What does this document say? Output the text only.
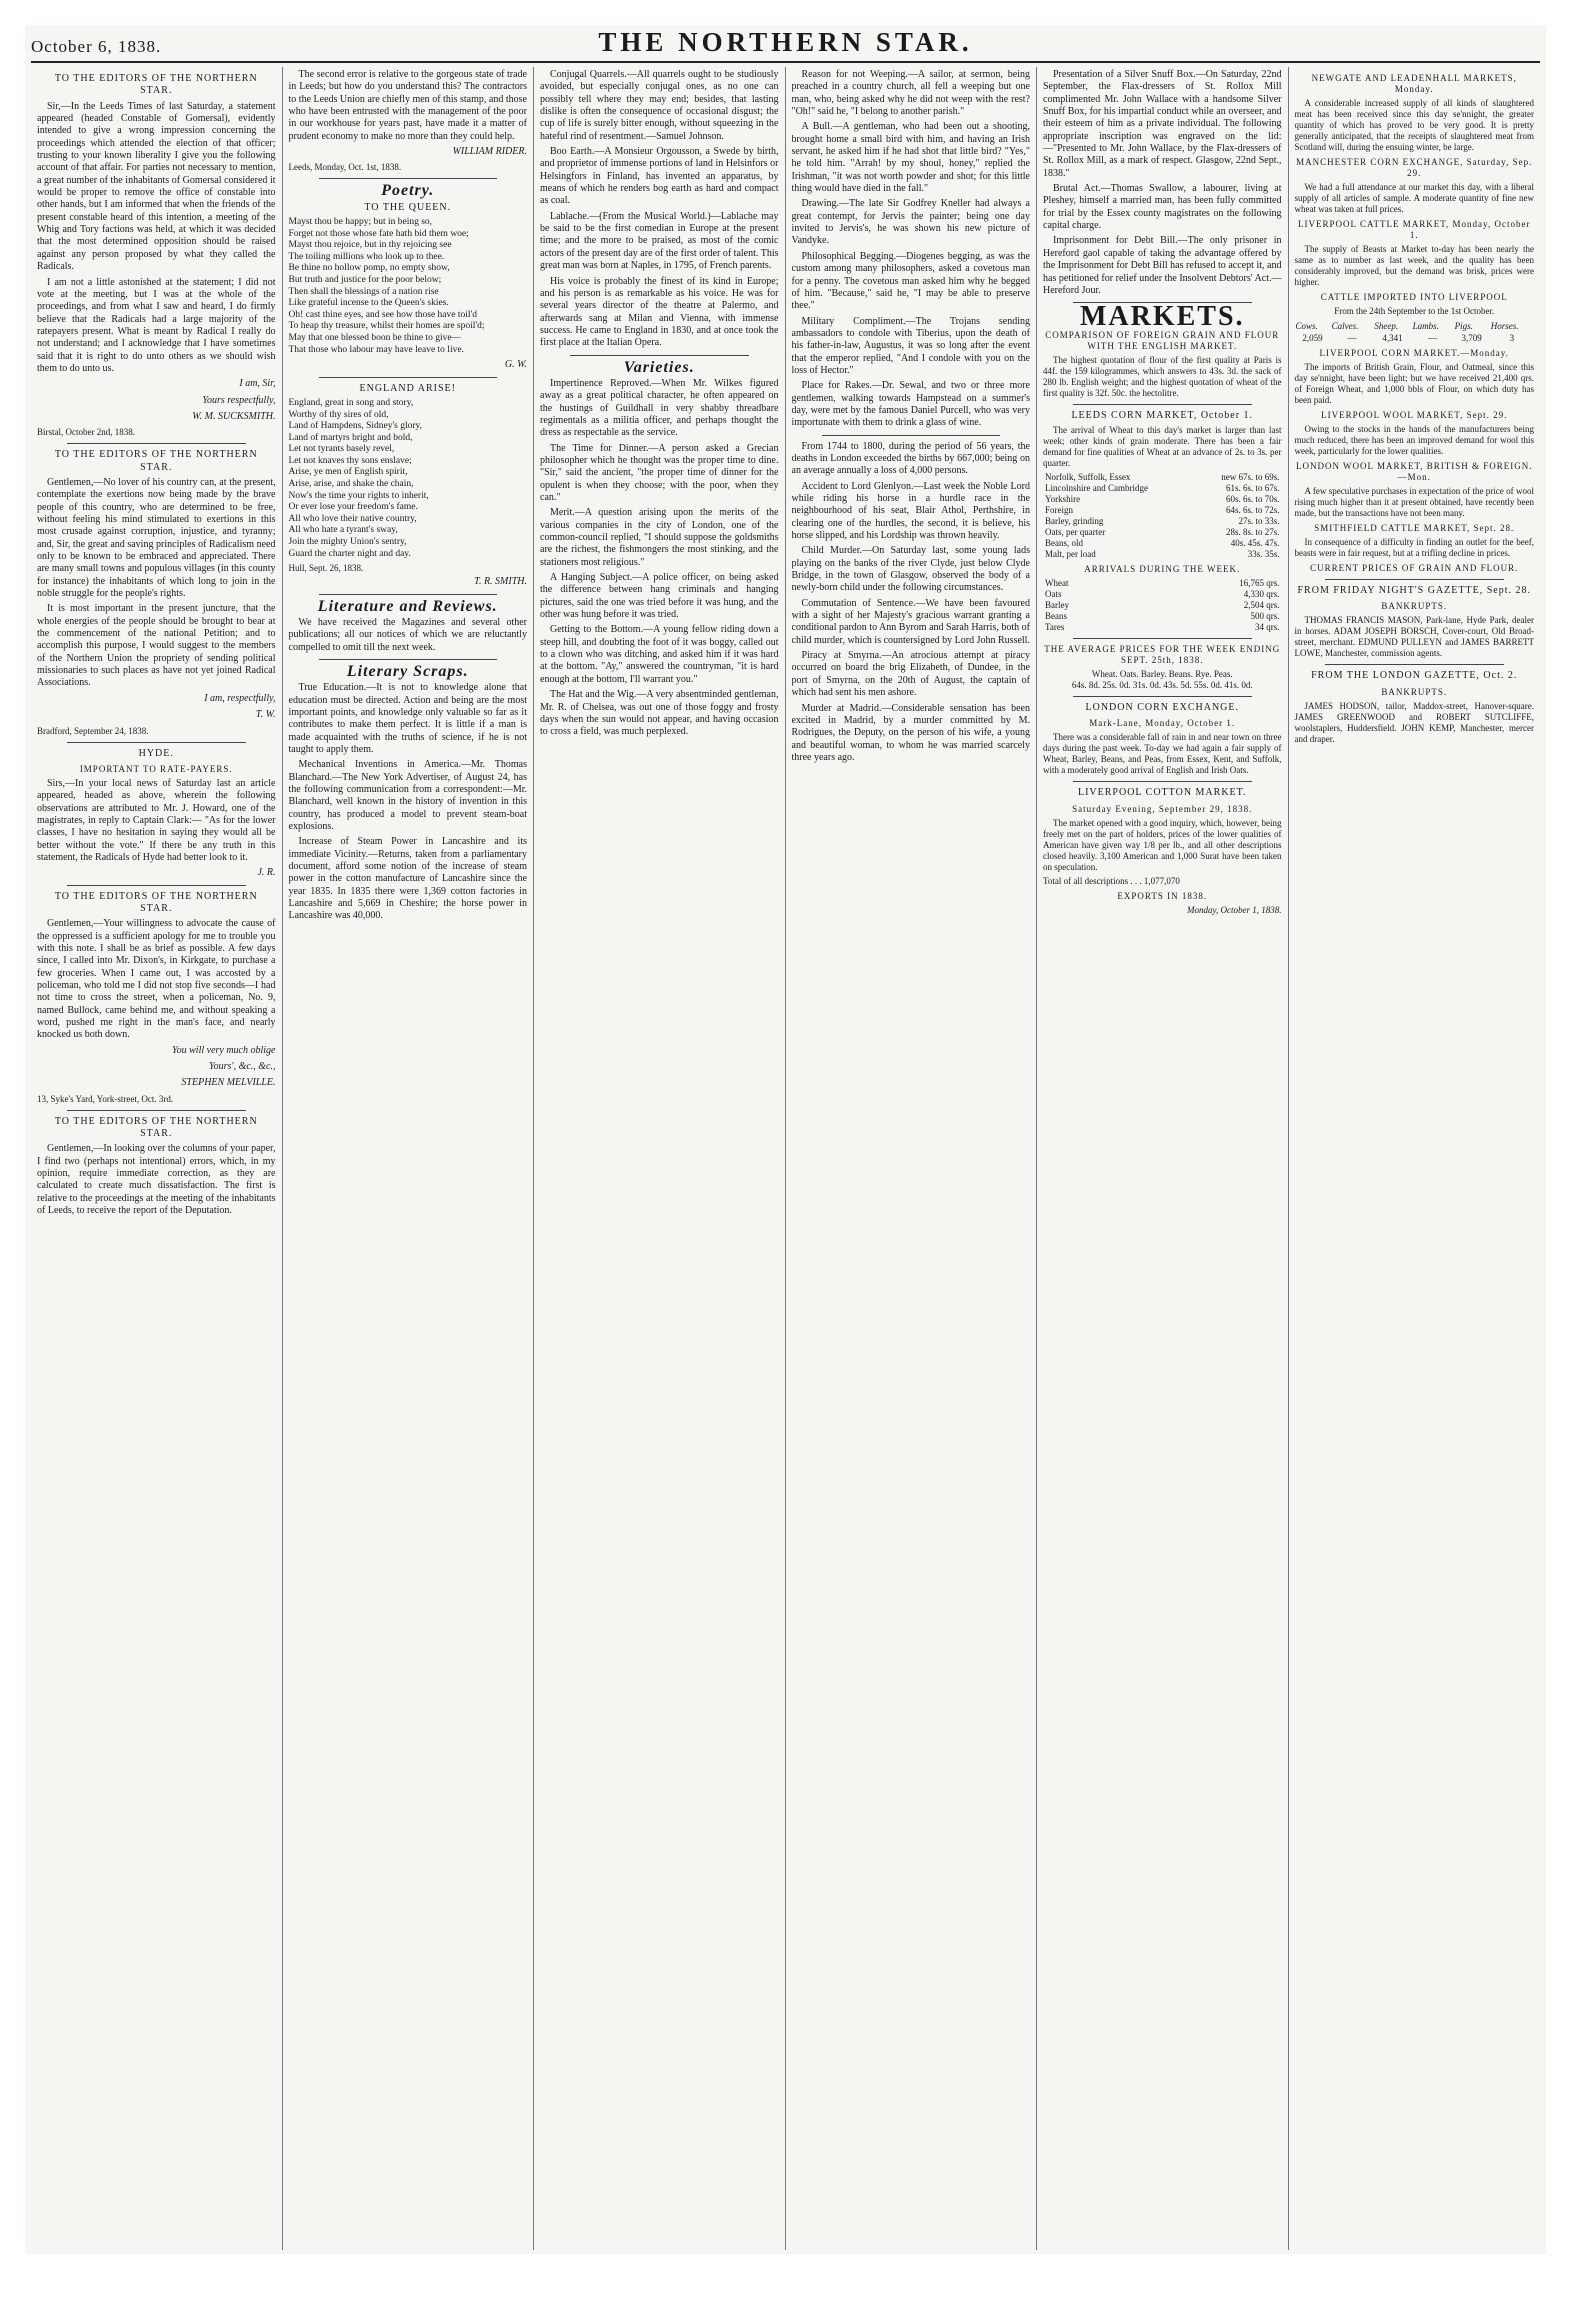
October 6, 1838.	THE NORTHERN STAR.
TO THE EDITORS OF THE NORTHERN STAR.

Sir,—In the Leeds Times of last Saturday, a statement appeared (headed Constable of Gomersal), evidently intended to give a wrong impression concerning the proceedings which attended the election of that officer; trusting to your known liberality I give you the following account of that affair. For parties not necessary to mention, a great number of the inhabitants of Gomersal considered it would be proper to remove the office of constable into other hands, but I am informed that when the friends of the present constable heard of this intention, a meeting of the Whig and Tory factions was held, at which it was decided that the most determined opposition should be raised against any person proposed by what they called the Radicals.

I am not a little astonished at the statement; I did not vote at the meeting, but I was at the whole of the proceedings, and from what I saw and heard, I do firmly believe that the Radicals had a large majority of the ratepayers present. What is meant by Radical I really do not understand; and I acknowledge that I have sometimes said that it is right to do unto others as we should wish them to do unto us.

I am, Sir,
Yours respectfully,
W. M. SUCKSMITH.
Birstal, October 2nd, 1838.
TO THE EDITORS OF THE NORTHERN STAR.

Gentlemen,—No lover of his country can, at the present, contemplate the exertions now being made by the brave people of this country, who are determined to be free, without feeling his mind stimulated to exertions in this most crusade against corruption, injustice, and tyranny; and, Sir, the great and saving principles of Radicalism need only to be known to be embraced and appreciated. There are many small towns and populous villages (in this county for instance) the inhabitants of which long to join in the noble struggle for the people's rights.

It is most important in the present juncture, that the whole energies of the people should be brought to bear at the commencement of the national Petition; and to accomplish this purpose, I would suggest to the members of the Northern Union the propriety of sending political missionaries to such places as have not yet joined Radical Associations.

I am, respectfully,
T. W.
Bradford, September 24, 1838.
HYDE.
IMPORTANT TO RATE-PAYERS.

Sirs,—In your local news of Saturday last an article appeared, headed as above, wherein the following observations are attributed to Mr. J. Howard, one of the magistrates, in reply to Captain Clark:— "As for the lower classes, I have no hesitation in saying they would all be better without the vote." If there be any truth in this statement, the Radicals of Hyde had better look to it.

J. R.
TO THE EDITORS OF THE NORTHERN STAR.

Gentlemen,—Your willingness to advocate the cause of the oppressed is a sufficient apology for me to trouble you with this note. I shall be as brief as possible. A few days since, I called into Mr. Dixon's, in Kirkgate, to purchase a few groceries. When I came out, I was accosted by a policeman, who told me I did not stop five seconds—I had not time to cross the street, when a policeman, No. 9, named Bullock, came behind me, and without speaking a word, pushed me right in the man's face, and nearly knocked us both down.

You will very much oblige
Yours', &c., &c.,
STEPHEN MELVILLE.
13, Syke's Yard, York-street, Oct. 3rd.
TO THE EDITORS OF THE NORTHERN STAR.

Gentlemen,—In looking over the columns of your paper, I find two (perhaps not intentional) errors, which, in my opinion, require immediate correction, as they are calculated to create much dissatisfaction. The first is relative to the proceedings at the meeting of the inhabitants of Leeds, to receive the report of the Deputation.

The second error is relative to the gorgeous state of trade in Leeds; but how do you understand this? The contractors to the Leeds Union are chiefly men of this stamp, and those who have been entrusted with the management of the poor in our workhouse for years past, have made it a matter of prudent economy to make no more than they could help.

WILLIAM RIDER.
Leeds, Monday, Oct. 1st, 1838.
Poetry.
TO THE QUEEN.

Mayst thou be happy; but in being so,
Forget not those whose fate hath bid them woe;
Mayst thou rejoice, but in thy rejoicing see
The toiling millions who look up to thee.
Be thine no hollow pomp, no empty show,
But truth and justice for the poor below;
Then shall the blessings of a nation rise
Like grateful incense to the Queen's skies.
Oh! cast thine eyes, and see how those have toil'd
To heap thy treasure, whilst their homes are spoil'd;
May that one blessed boon be thine to give—
That those who labour may have leave to live.

G. W.
ENGLAND ARISE!

England, great in song and story,
Worthy of thy sires of old,
Land of Hampdens, Sidney's glory,
Land of martyrs bright and bold,
Let not tyrants basely revel,
Let not knaves thy sons enslave;
Arise, ye men of English spirit,
Arise, arise, and shake the chain,
Now's the time your rights to inherit,
Or ever lose your freedom's fame.
All who love their native country,
All who hate a tyrant's sway,
Join the mighty Union's sentry,
Guard the charter night and day.

Hull, Sept. 26, 1838.
T. R. SMITH.
Literature and Reviews.

We have received the Magazines and several other publications; all our notices of which we are reluctantly compelled to omit till the next week.

Literary Scraps.

True Education.—It is not to knowledge alone that education must be directed. Action and being are the most important points, and knowledge only valuable so far as it contributes to make them perfect. It is little if a man is made acquainted with the truths of science, if he is not taught to apply them.

Mechanical Inventions in America.—Mr. Thomas Blanchard.—The New York Advertiser, of August 24, has the following communication from a correspondent:—Mr. Blanchard, well known in the history of invention in this country, has produced a model to prevent steam-boat explosions.

Increase of Steam Power in Lancashire and its immediate Vicinity.—Returns, taken from a parliamentary document, afford some notion of the increase of steam power in the cotton manufacture of Lancashire since the year 1835. In 1835 there were 1,369 cotton factories in Lancashire and 5,669 in Cheshire; the horse power in Lancashire was 40,000.

Conjugal Quarrels.—All quarrels ought to be studiously avoided, but especially conjugal ones, as no one can possibly tell where they may end; besides, that lasting dislike is often the consequence of occasional disgust; the cup of life is surely bitter enough, without squeezing in the hateful rind of resentment.—Samuel Johnson.

Boo Earth.—A Monsieur Orgousson, a Swede by birth, and proprietor of immense portions of land in Helsinfors or Helsingfors in Finland, has invented an apparatus, by means of which he renders bog earth as hard and compact as coal.

Lablache.—(From the Musical World.)—Lablache may be said to be the first comedian in Europe at the present time; and the more to be praised, as most of the comic actors of the present day are of the first order of talent. This great man was born at Naples, in 1795, of French parents.

His voice is probably the finest of its kind in Europe; and his person is as remarkable as his voice. He was for several years director of the theatre at Palermo, and afterwards sang at Milan and Vienna, with immense success. He came to England in 1830, and at once took the first place at the Italian Opera.

Varieties.

Impertinence Reproved.—When Mr. Wilkes figured away as a great political character, he often appeared on the hustings of Guildhall in very shabby threadbare regimentals as a militia officer, and perhaps thought the dress as respectable as the service.

The Time for Dinner.—A person asked a Grecian philosopher which he thought was the proper time to dine. "Sir," said the ancient, "the proper time of dinner for the opulent is when they choose; with the poor, when they can."

Merit.—A question arising upon the merits of the various companies in the city of London, one of the common-council replied, "I should suppose the goldsmiths are the richest, the fishmongers the most stinking, and the stationers most religious."

A Hanging Subject.—A police officer, on being asked the difference between hang criminals and hanging pictures, said the one was tried before it was hung, and the other was hung before it was tried.

Getting to the Bottom.—A young fellow riding down a steep hill, and doubting the foot of it was boggy, called out to a clown who was ditching, and asked him if it was hard at the bottom. "Ay," answered the countryman, "it is hard enough at the bottom, I'll warrant you."

The Hat and the Wig.—A very absentminded gentleman, Mr. R. of Chelsea, was out one of those foggy and frosty days when the sun would not appear, and having occasion to cross a field, was much perplexed.

Reason for not Weeping.—A sailor, at sermon, being preached in a country church, all fell a weeping but one man, who, being asked why he did not weep with the rest? "Oh!" said he, "I belong to another parish."

A Bull.—A gentleman, who had been out a shooting, brought home a small bird with him, and having an Irish servant, he asked him if he had shot that little bird? "Yes," he told him. "Arrah! by my shoul, honey," replied the Irishman, "it was not worth powder and shot; for this little thing would have died in the fall."

Drawing.—The late Sir Godfrey Kneller had always a great contempt, for Jervis the painter; being one day invited to Jervis's, he was shown his new picture of Vandyke.

Philosophical Begging.—Diogenes begging, as was the custom among many philosophers, asked a covetous man for a penny. The covetous man asked him why he begged of him. "Because," said he, "I may be able to preserve thee."

Military Compliment.—The Trojans sending ambassadors to condole with Tiberius, upon the death of his father-in-law, Augustus, it was so long after the event that the emperor replied, "And I condole with you on the loss of Hector."

Place for Rakes.—Dr. Sewal, and two or three more gentlemen, walking towards Hampstead on a summer's day, were met by the famous Daniel Purcell, who was very importunate with them to drink a glass of wine.

From 1744 to 1800, during the period of 56 years, the deaths in London exceeded the births by 667,000; being on an average annually a loss of 4,000 persons.

Accident to Lord Glenlyon.—Last week the Noble Lord while riding his horse in a hurdle race in the neighbourhood of his seat, Blair Athol, Perthshire, in clearing one of the hurdles, the second, it is believe, his horse slipped, and his Lordship was thrown heavily.

Child Murder.—On Saturday last, some young lads playing on the banks of the river Clyde, just below Clyde Bridge, in the town of Glasgow, observed the body of a newly-born child under the following circumstances.

Commutation of Sentence.—We have been favoured with a sight of her Majesty's gracious warrant granting a conditional pardon to Ann Byrom and Sarah Harris, both of child murder, which is countersigned by Lord John Russell.

Piracy at Smyrna.—An atrocious attempt at piracy occurred on board the brig Elizabeth, of Dundee, in the port of Smyrna, on the 20th of August, the captain of which had sent his men ashore.

Murder at Madrid.—Considerable sensation has been excited in Madrid, by a murder committed by M. Rodrigues, the Deputy, on the person of his wife, a young and beautiful woman, to whom he was married scarcely three years ago.

Presentation of a Silver Snuff Box.—On Saturday, 22nd September, the Flax-dressers of St. Rollox Mill complimented Mr. John Wallace with a handsome Silver Snuff Box, for his impartial conduct while an overseer, and their esteem of him as a private individual. The following appropriate inscription was engraved on the lid:—"Presented to Mr. John Wallace, by the Flax-dressers of St. Rollox Mill, as a mark of respect. Glasgow, 22nd Sept., 1838."

Brutal Act.—Thomas Swallow, a labourer, living at Pleshey, himself a married man, has been fully committed for trial by the Essex county magistrates on the following capital charge.

Imprisonment for Debt Bill.—The only prisoner in Hereford gaol capable of taking the advantage offered by the Imprisonment for Debt Bill has refused to accept it, and has petitioned for relief under the Insolvent Debtors' Act.—Hereford Jour.

MARKETS.
COMPARISON OF FOREIGN GRAIN AND FLOUR WITH THE ENGLISH MARKET.

The highest quotation of flour of the first quality at Paris is 44f. the 159 kilogrammes, which answers to 43s. 3d. the sack of 280 lb. English weight; and the highest quotation of wheat of the first quality is 32f. 50c. the hectolitre.

LEEDS CORN MARKET, October 1.

The arrival of Wheat to this day's market is larger than last week; other kinds of grain moderate. There has been a fair demand for fine qualities of Wheat at an advance of 2s. to 3s. per quarter.

Norfolk, Suffolk, Essex	new 67s. to 69s.
Lincolnshire and Cambridge	61s. 6s. to 67s.
Yorkshire	60s. 6s. to 70s.
Foreign	64s. 6s. to 72s.
Barley, grinding	27s. to 33s.
Oats, per quarter	28s. 8s. to 27s.
Beans, old	40s. 45s. 47s.
Malt, per load	33s. 35s.
ARRIVALS DURING THE WEEK.
Wheat	16,765 qrs.
Oats	4,330 qrs.
Barley	2,504 qrs.
Beans	500 qrs.
Tares	34 qrs.
THE AVERAGE PRICES FOR THE WEEK ENDING SEPT. 25th, 1838.
Wheat. Oats. Barley. Beans. Rye. Peas.
64s. 8d. 25s. 0d. 31s. 0d. 43s. 5d. 55s. 0d. 41s. 0d.
LONDON CORN EXCHANGE.
Mark-Lane, Monday, October 1.

There was a considerable fall of rain in and near town on three days during the past week. To-day we had again a fair supply of Wheat, Barley, Beans, and Peas, from Essex, Kent, and Suffolk, with a moderately good arrival of English and Irish Oats.

LIVERPOOL COTTON MARKET.
Saturday Evening, September 29, 1838.

The market opened with a good inquiry, which, however, being freely met on the part of holders, prices of the lower qualities of American have given way 1/8 per lb., and all other descriptions closed heavily. 3,100 American and 1,000 Surat have been taken on speculation.

Total of all descriptions . . . 1,077,070
EXPORTS IN 1838.
Monday, October 1, 1838.
NEWGATE AND LEADENHALL MARKETS, Monday.

A considerable increased supply of all kinds of slaughtered meat has been received since this day se'nnight, the greater quantity of which has proved to be very good. It is pretty generally anticipated, that the receipts of slaughtered meat from Scotland will, during the ensuing winter, be large.

MANCHESTER CORN EXCHANGE, Saturday, Sep. 29.

We had a full attendance at our market this day, with a liberal supply of all articles of sample. A moderate quantity of fine new wheat was taken at full prices.

LIVERPOOL CATTLE MARKET, Monday, October 1.

The supply of Beasts at Market to-day has been nearly the same as to number as last week, and the quality has been considerably improved, but the demand was brisk, prices were higher.

CATTLE IMPORTED INTO LIVERPOOL
From the 24th September to the 1st October.
Cows.	Calves.	Sheep.	Lambs.	Pigs.	Horses.
2,059	—	4,341	—	3,709	3
LIVERPOOL CORN MARKET.—Monday.

The imports of British Grain, Flour, and Oatmeal, since this day se'nnight, have been light; but we have received 21,400 qrs. of Foreign Wheat, and 1,000 bbls of Flour, on which duty has been paid.

LIVERPOOL WOOL MARKET, Sept. 29.

Owing to the stocks in the hands of the manufacturers being much reduced, there has been an improved demand for wool this week, particularly for the lower qualities.

LONDON WOOL MARKET, BRITISH & FOREIGN.—Mon.

A few speculative purchases in expectation of the price of wool rising much higher than it at present obtained, have recently been made, but the transactions have not been many.

SMITHFIELD CATTLE MARKET, Sept. 28.

In consequence of a difficulty in finding an outlet for the beef, beasts were in fair request, but at a trifling decline in prices.

CURRENT PRICES OF GRAIN AND FLOUR.
FROM FRIDAY NIGHT'S GAZETTE, Sept. 28.
BANKRUPTS.

THOMAS FRANCIS MASON, Park-lane, Hyde Park, dealer in horses. ADAM JOSEPH BORSCH, Cover-court, Old Broad-street, merchant. EDMUND PULLEYN and JAMES BARRETT LOWE, Manchester, commission agents.

FROM THE LONDON GAZETTE, Oct. 2.
BANKRUPTS.

JAMES HODSON, tailor, Maddox-street, Hanover-square. JAMES GREENWOOD and ROBERT SUTCLIFFE, woolstaplers, Huddersfield. JOHN KEMP, Manchester, mercer and draper.
